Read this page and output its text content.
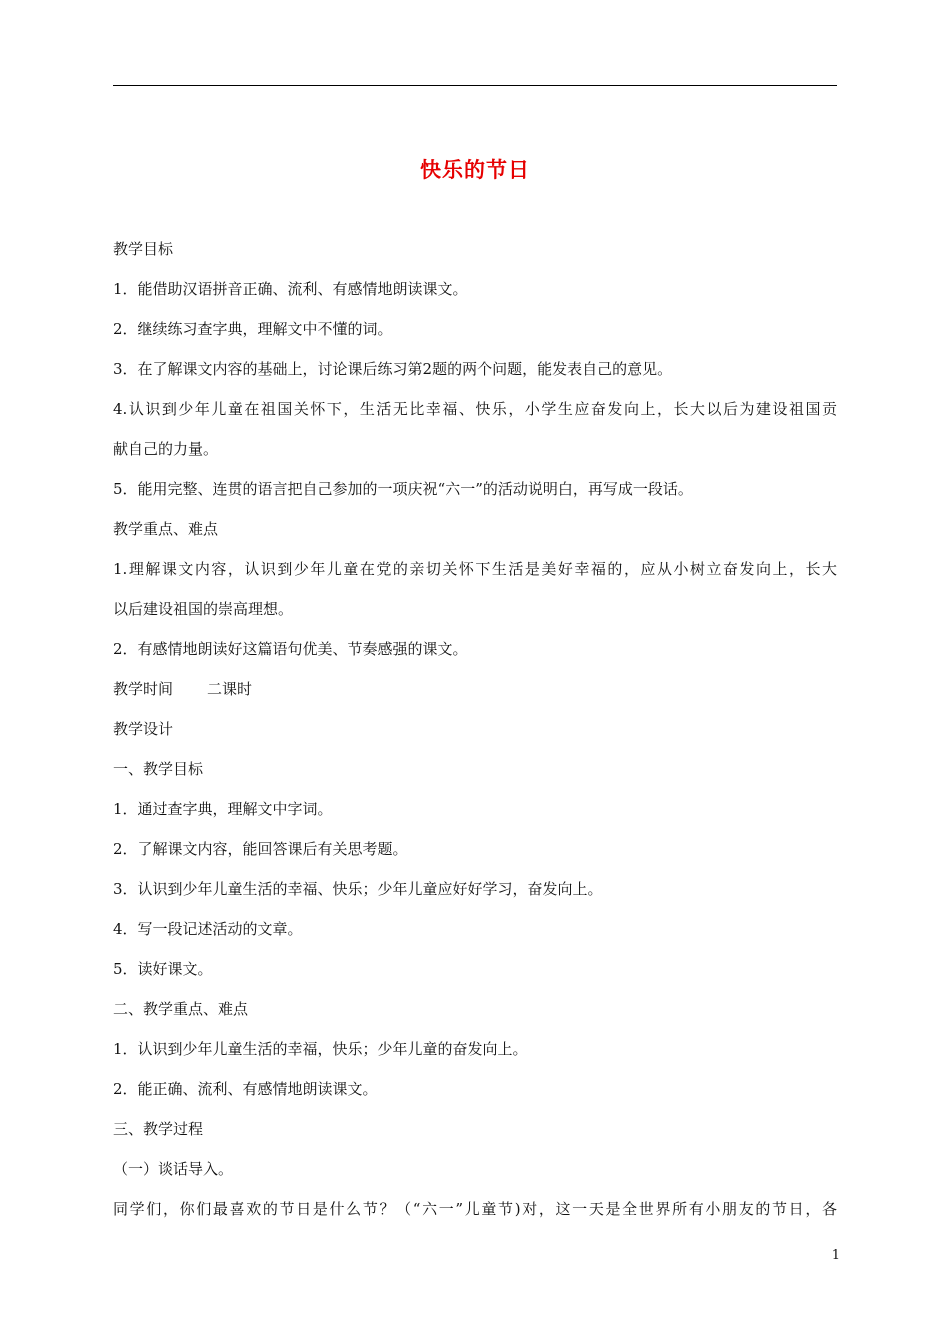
快乐的节日
教学目标
1．能借助汉语拼音正确、流利、有感情地朗读课文。
2．继续练习查字典，理解文中不懂的词。
3．在了解课文内容的基础上，讨论课后练习第2题的两个问题，能发表自己的意见。
4.认识到少年儿童在祖国关怀下，生活无比幸福、快乐，小学生应奋发向上，长大以后为建设祖国贡
献自己的力量。
5．能用完整、连贯的语言把自己参加的一项庆祝“六一”的活动说明白，再写成一段话。
教学重点、难点
1.理解课文内容，认识到少年儿童在党的亲切关怀下生活是美好幸福的，应从小树立奋发向上，长大
以后建设祖国的崇高理想。
2．有感情地朗读好这篇语句优美、节奏感强的课文。
教学时间 二课时
教学设计
一、教学目标
1．通过查字典，理解文中字词。
2．了解课文内容，能回答课后有关思考题。
3．认识到少年儿童生活的幸福、快乐；少年儿童应好好学习，奋发向上。
4．写一段记述活动的文章。
5．读好课文。
二、教学重点、难点
1．认识到少年儿童生活的幸福，快乐；少年儿童的奋发向上。
2．能正确、流利、有感情地朗读课文。
三、教学过程
（一）谈话导入。
同学们，你们最喜欢的节日是什么节？（“六一”儿童节)对，这一天是全世界所有小朋友的节日，各
1
